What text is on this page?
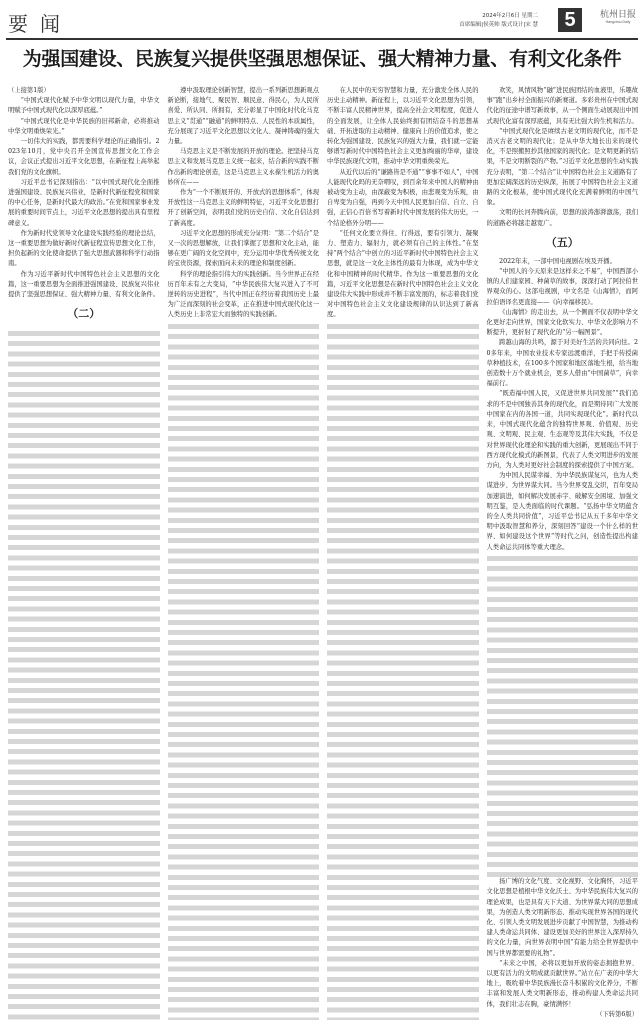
要闻	2024年2月6日 星期二
首席编辑|侯英帅 版式设计|宋 慧	5	杭州日报
Hangzhou Daily
为强国建设、民族复兴提供坚强思想保证、强大精神力量、有利文化条件

（上接第1版）

“中国式现代化赋予中华文明以现代力量，中华文明赋予中国式现代化以深厚底蕴。”

“中国式现代化是中华民族的旧邦新命，必将推动中华文明重焕荣光。”

一切伟大的实践，都需要科学理论的正确指引。2023年10月，党中央召开全国宣传思想文化工作会议，会议正式提出习近平文化思想，在新征程上高举起我们党的文化旗帜。

习近平总书记深刻指出：“以中国式现代化全面推进强国建设、民族复兴伟业，是新时代新征程党和国家的中心任务，是新时代最大的政治。”在党和国家事业发展的重要时间节点上，习近平文化思想的提出具有里程碑意义。

作为新时代党领导文化建设实践经验的理论总结，这一重要思想为做好新时代新征程宣传思想文化工作，担负起新的文化使命提供了强大思想武器和科学行动指南。

作为习近平新时代中国特色社会主义思想的文化篇，这一重要思想为全面推进强国建设、民族复兴伟业提供了坚强思想保证、强大精神力量、有利文化条件。

（二）

遵中汲取理论创新智慧，提出一系列新思想新观点新论断，接地气、聚民智、顺民意、得民心，为人民所喜爱、所认同、所拥有，充分彰显了中国化时代化马克思主义“贯通”“融通”的鲜明特点、人民性的本质属性，充分展现了习近平文化思想以文化人、凝神铸魂的强大力量。

马克思主义是不断发展的开放的理论。把坚持马克思主义和发展马克思主义统一起来，结合新的实践不断作出新的理论创造，这是马克思主义永葆生机活力的奥妙所在——

作为“一个不断展开的、开放式的思想体系”，体现开放性这一马克思主义的鲜明特征，习近平文化思想打开了创新空间，表明我们党的历史自信、文化自信达到了新高度。

习近平文化思想的形成充分证明：“第二个结合”是又一次的思想解放，让我们掌握了思想和文化主动，能够在更广阔的文化空间中，充分运用中华优秀传统文化的宝贵资源，探索面向未来的理论和制度创新。

科学的理论指引伟大的实践创新。当今世界正在经历百年未有之大变局，“中华民族伟大复兴进入了不可逆转的历史进程”，当代中国正在经历着我国历史上最为广泛而深刻的社会变革，正在推进中国式现代化这一人类历史上非常宏大而独特的实践创新。

在人民中的无穷智慧和力量，充分激发全体人民的历史主动精神。新征程上，以习近平文化思想为引领，不断丰富人民精神世界，提高全社会文明程度，促进人的全面发展，让全体人民始终拥有团结奋斗的思想基础、开拓进取的主动精神、健康向上的价值追求，使之转化为强国建设、民族复兴的强大力量，我们就一定能够谱写新时代中国特色社会主义更加绚丽的华章，建设中华民族现代文明，推动中华文明重焕荣光。

从近代以后的“谦路皆是不通”“事事不如人”，中国人能现代化吗的无奈喟叹，到百余年来中国人的精神由被动变为主动，由深蔽变为积极，由悲观变为乐观，由自卑变为自强，再到今天中国人民更加自信、自立、自强，正信心百倍书写着新时代中国发展的伟大历史，一个结论格外分明——

“任何文化要立得住、行得远，要有引领力、凝聚力、塑造力、辐射力，就必须有自己的主体性。”在坚持“两个结合”中创立的习近平新时代中国特色社会主义思想，就是这一文化主体性的最有力体现，成为中华文化和中国精神的时代精华。作为这一重要思想的文化篇，习近平文化思想是在新时代中国特色社会主义文化建设伟大实践中形成并不断丰富发展的，标志着我们党对中国特色社会主义文化建设规律的认识达到了新高度。

欢笑，风情风物“融”进民族团结的血液里，乐趣故事“跑”出乡村全面振兴的新赛道。多彩贵州在中国式现代化的征途中谱写新故事，从一个侧面生动展现出中国式现代化富有深厚底蕴，具有无比强大的生机和活力。

“中国式现代化是赓续古老文明的现代化，而不是消灭古老文明的现代化；是从中华大地长出来的现代化，不是照搬照抄其他国家的现代化；是文明更新的结果，不是文明断裂的产物。”习近平文化思想的生动实践充分表明，“第二个结合”让中国特色社会主义道路有了更加宏阔深远的历史纵深，拓展了中国特色社会主义道路的文化根基，使中国式现代化充满着鲜明的中国气象。

文明的长河奔腾向前，思想的波涛澎湃激荡，我们的道路必将越走越宽广。

（五）

2022年末，一部中国电视剧在埃及开播。

“中国人的今天原来是这样来之不易”，中国西部小镇的人们建家园、种菌草的故事，深深打动了阿拉伯世界观众的心。这部电视剧，中文名是《山海情》，而阿拉伯语译名更直接——《向幸福移民》。

《山海情》的走出去，从一个侧面不仅表明中华文化更好走向世界，国家文化软实力、中华文化影响力不断提升，更折射了现代化的“另一幅图景”。

跨越山海的共鸣，源于对美好生活的共同向往。20多年来，中国农业技术专家远渡重洋，手把手传授菌草种植技术，在100多个国家和地区落地生根，给当地创造数十万个就业机会，更多人借由“中国菌草”，向幸福前行。

“既造福中国人民，又促进世界共同发展”“我们追求的不是中国独善其身的现代化，而是期待同广大发展中国家在内的各国一道，共同实现现代化”。新时代以来，中国式现代化蕴含的独特世界观、价值观、历史观、文明观、民主观、生态观等及其伟大实践，不仅是对世界现代化理论和实践的重大创新，更展现出不同于西方现代化模式的新图景，代表了人类文明进步的发展方向，为人类对更好社会制度的探索提供了中国方案。

为中国人民谋幸福、为中华民族谋复兴，也为人类谋进步、为世界谋大同。当今世界变乱交织，百年变局加速演进，如何解决发展赤字、破解安全困境、加强文明互鉴，是人类面临的时代课题。“弘扬中华文明蕴含的全人类共同价值”，习近平总书记从五千多年中华文明中汲取智慧和养分，深刻回答“建设一个什么样的世界、如何建设这个世界”等时代之问，创造性提出构建人类命运共同体等重大理念。

扬广博的文化气度、文化视野、文化胸怀，习近平文化思想是植根中华文化沃土、为中华民族伟大复兴的理论成果，也是具有天下大道、为世界谋大同的思想成果，为创造人类文明新形态、推动实现世界各国的现代化、引领人类文明发展进步贡献了中国智慧，为推动构建人类命运共同体、建设更加美好的世界注入深厚持久的文化力量，向世界表明中国“有能力给全世界提供中国与世界都需要的礼物”。

“未来之中国，必将以更加开放的姿态拥抱世界、以更有活力的文明成就贡献世界。”站立在广袤的中华大地上，吸吮着中华民族漫长奋斗积累的文化养分，不断丰富和发展人类文明新形态，推动构建人类命运共同体，我们壮志在胸，豪情满怀！

（下转第6版）
